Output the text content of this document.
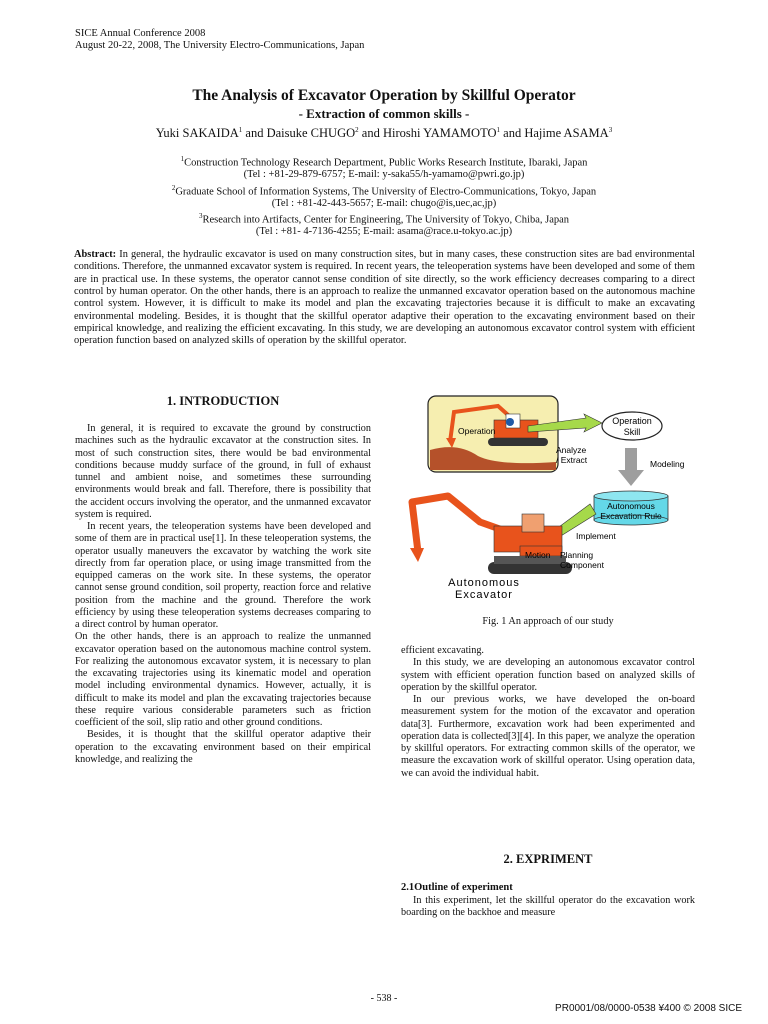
SICE Annual Conference 2008
August 20-22, 2008, The University Electro-Communications, Japan
The Analysis of Excavator Operation by Skillful Operator
- Extraction of common skills -
Yuki SAKAIDA$^1$ and Daisuke CHUGO$^2$ and Hiroshi YAMAMOTO$^1$ and Hajime ASAMA$^3$
$^1$Construction Technology Research Department, Public Works Research Institute, Ibaraki, Japan
(Tel : +81-29-879-6757; E-mail: y-saka55/h-yamamo@pwri.go.jp)
$^2$Graduate School of Information Systems, The University of Electro-Communications, Tokyo, Japan
(Tel : +81-42-443-5657; E-mail: chugo@is,uec,ac,jp)
$^3$Research into Artifacts, Center for Engineering, The University of Tokyo, Chiba, Japan
(Tel : +81- 4-7136-4255; E-mail: asama@race.u-tokyo.ac.jp)

Abstract: In general, the hydraulic excavator is used on many construction sites, but in many cases, these construction sites are bad environmental conditions. Therefore, the unmanned excavator system is required. In recent years, the teleoperation systems have been developed and some of them are in practical use. In these systems, the operator cannot sense condition of site directly, so the work efficiency decreases comparing to a direct control by human operator. On the other hands, there is an approach to realize the unmanned excavator operation based on the autonomous machine control system. However, it is difficult to make its model and plan the excavating trajectories because it is difficult to make an excavating environmental modeling. Besides, it is thought that the skillful operator adaptive their operation to the excavating environment based on their empirical knowledge, and realizing the efficient excavating. In this study, we are developing an autonomous excavator control system with efficient operation function based on analyzed skills of operation by the skillful operator.

1. INTRODUCTION

In general, it is required to excavate the ground by construction machines such as the hydraulic excavator at the construction sites. In most of such construction sites, there would be bad environmental conditions because muddy surface of the ground, in full of exhaust tunnel and ambient noise, and sometimes these surrounding environments would break and fall. Therefore, there is possibility that the accident occurs involving the operator, and the unmanned excavator system is required.

In recent years, the teleoperation systems have been developed and some of them are in practical use[1]. In these teleoperation systems, the operator usually maneuvers the excavator by watching the work site directly from far operation place, or using image transmitted from the equipped cameras on the work site. In these systems, the operator cannot sense ground condition, soil property, reaction force and relative position from the machine and the ground. Therefore the work efficiency by using these teleoperation systems decreases comparing to a direct control by human operator.

On the other hands, there is an approach to realize the unmanned excavator operation based on the autonomous machine control system. For realizing the autonomous excavator system, it is necessary to plan the excavating trajectories using its kinematic model and operation model including environmental dynamics. However, actually, it is difficult to make its model and plan the excavating trajectories because these require various considerable parameters such as friction coefficient of the soil, slip ratio and other ground conditions.

Besides, it is thought that the skillful operator adaptive their operation to the excavating environment based on their empirical knowledge, and realizing the

Operation
Skill
Operation
Analyze
/ Extract	Modeling
Autonomous
Excavation Rule
Implement
Motion Planning
Component
Autonomous
Excavator
Fig. 1 An approach of our study

efficient excavating.

In this study, we are developing an autonomous excavator control system with efficient operation function based on analyzed skills of operation by the skillful operator.

In our previous works, we have developed the on-board measurement system for the motion of the excavator and operation data[3]. Furthermore, excavation work had been experimented and operation data is collected[3][4]. In this paper, we analyze the operation by skillful operators. For extracting common skills of the operator, we measure the excavation work of skillful operator. Using operation data, we can avoid the individual habit.

2. EXPRIMENT
2.1Outline of experiment

In this experiment, let the skillful operator do the excavation work boarding on the backhoe and measure

- 538 -
PR0001/08/0000-0538 ¥400 © 2008 SICE
